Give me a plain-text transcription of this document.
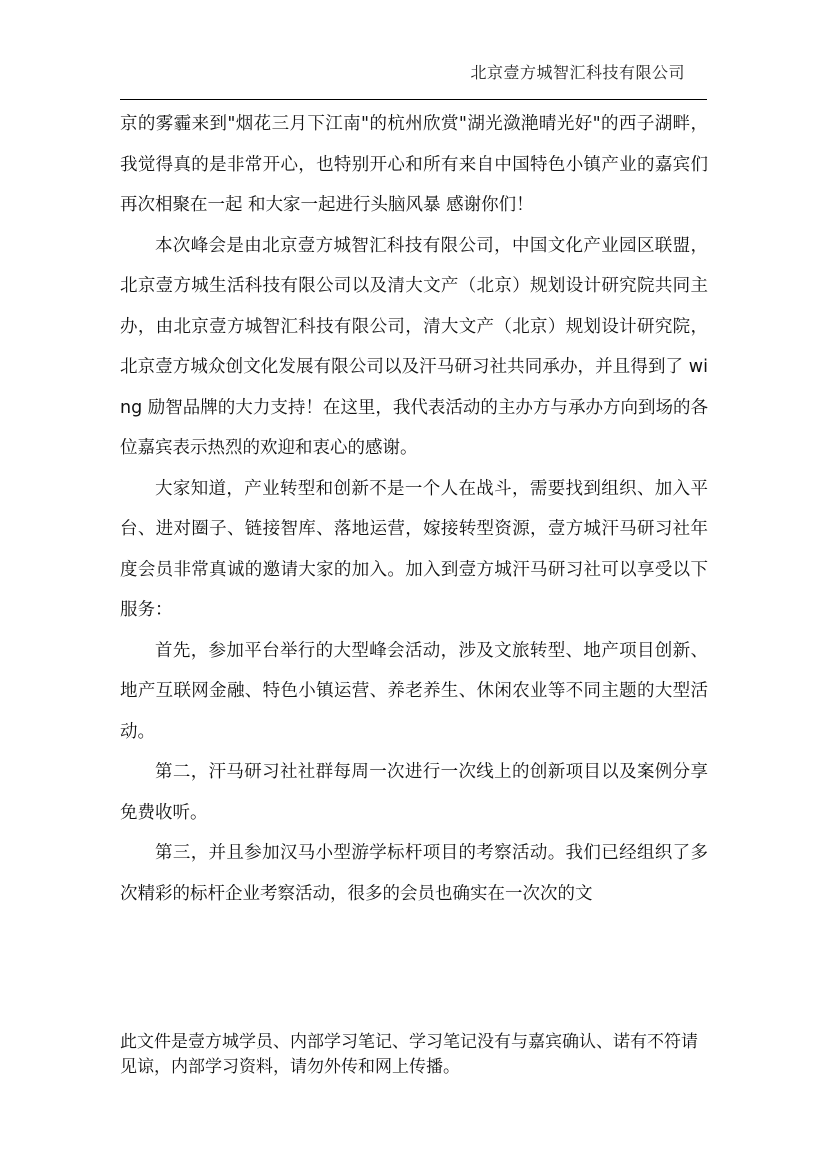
北京壹方城智汇科技有限公司

京的雾霾来到"烟花三月下江南"的杭州欣赏"湖光潋滟晴光好"的西子湖畔，我觉得真的是非常开心，也特别开心和所有来自中国特色小镇产业的嘉宾们再次相聚在一起 和大家一起进行头脑风暴 感谢你们！

本次峰会是由北京壹方城智汇科技有限公司，中国文化产业园区联盟，北京壹方城生活科技有限公司以及清大文产（北京）规划设计研究院共同主办，由北京壹方城智汇科技有限公司，清大文产（北京）规划设计研究院，北京壹方城众创文化发展有限公司以及汗马研习社共同承办，并且得到了 wing 励智品牌的大力支持！在这里，我代表活动的主办方与承办方向到场的各位嘉宾表示热烈的欢迎和衷心的感谢。

大家知道，产业转型和创新不是一个人在战斗，需要找到组织、加入平台、进对圈子、链接智库、落地运营，嫁接转型资源，壹方城汗马研习社年度会员非常真诚的邀请大家的加入。加入到壹方城汗马研习社可以享受以下服务：

首先，参加平台举行的大型峰会活动，涉及文旅转型、地产项目创新、地产互联网金融、特色小镇运营、养老养生、休闲农业等不同主题的大型活动。

第二，汗马研习社社群每周一次进行一次线上的创新项目以及案例分享免费收听。

第三，并且参加汉马小型游学标杆项目的考察活动。我们已经组织了多次精彩的标杆企业考察活动，很多的会员也确实在一次次的文

此文件是壹方城学员、内部学习笔记、学习笔记没有与嘉宾确认、诺有不符请见谅，内部学习资料，请勿外传和网上传播。
